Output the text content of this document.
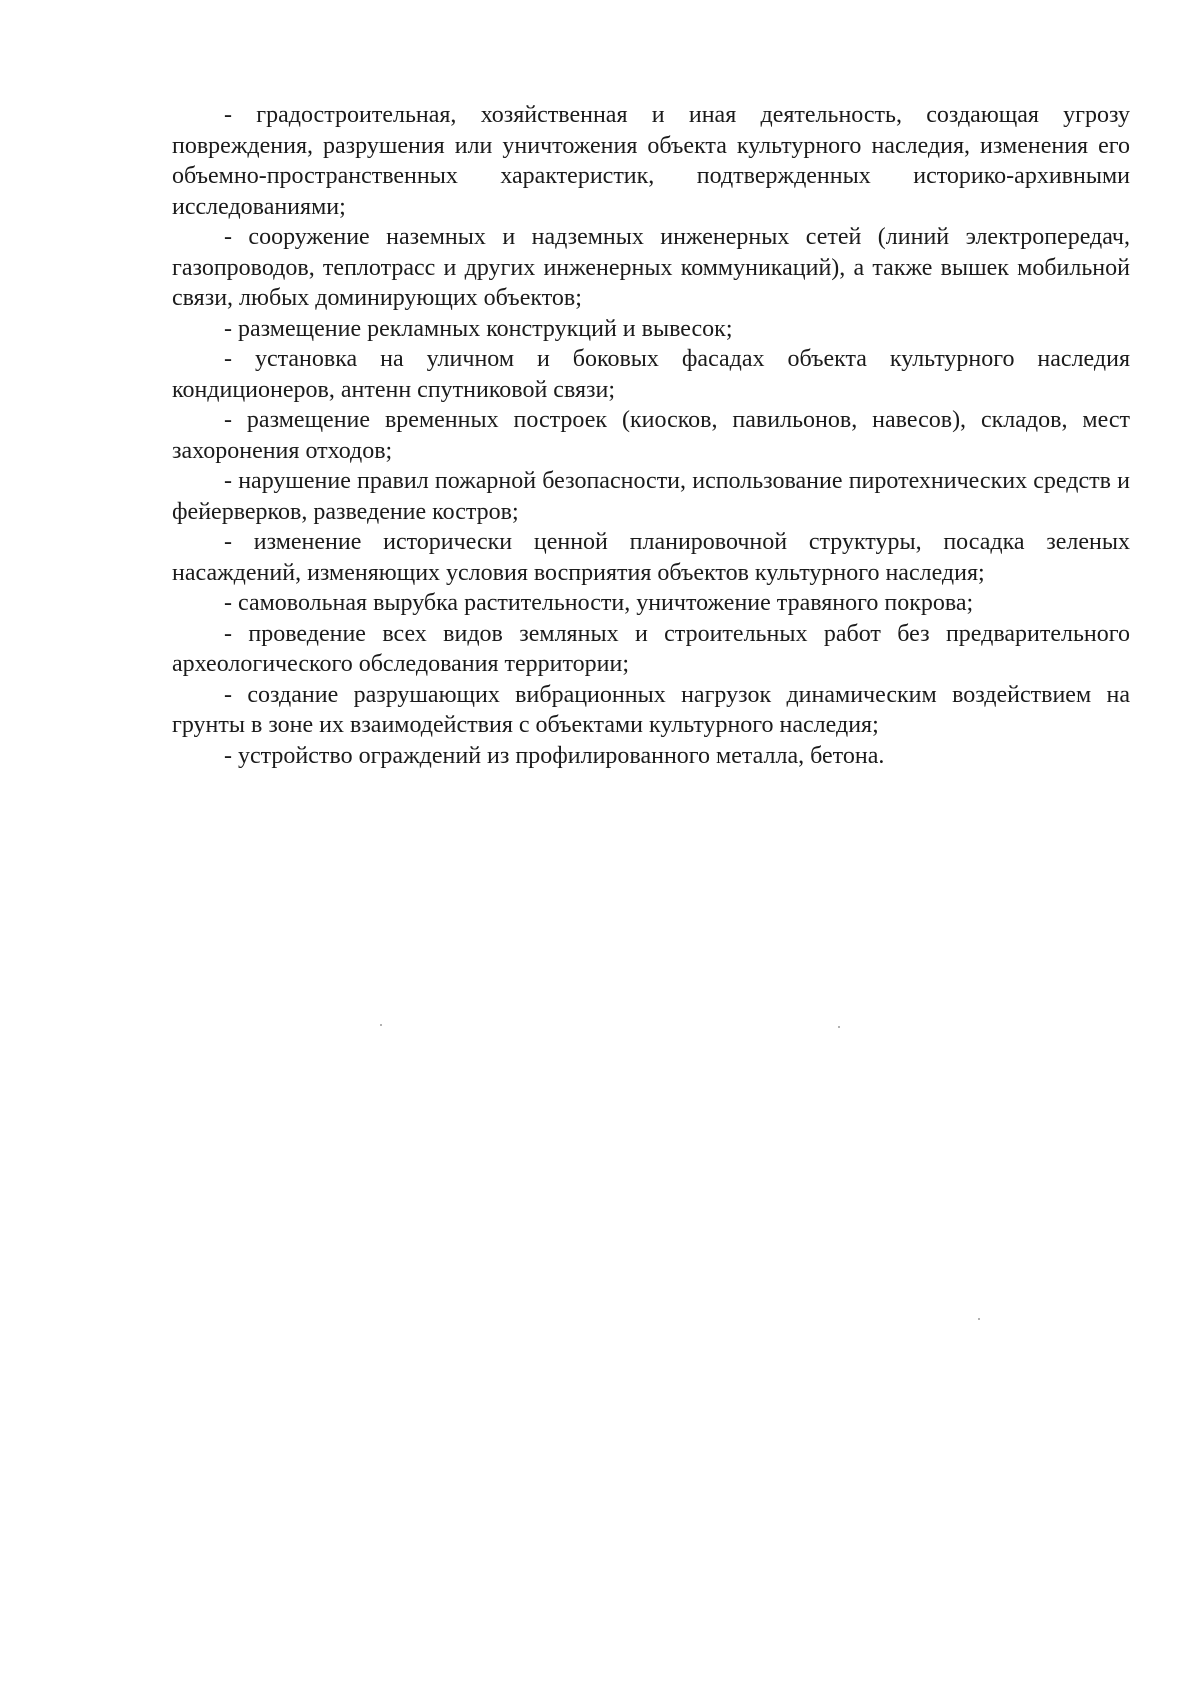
- градостроительная, хозяйственная и иная деятельность, создающая угрозу повреждения, разрушения или уничтожения объекта культурного наследия, изменения его объемно-пространственных характеристик, подтвержденных историко-архивными исследованиями;

- сооружение наземных и надземных инженерных сетей (линий электропередач, газопроводов, теплотрасс и других инженерных коммуникаций), а также вышек мобильной связи, любых доминирующих объектов;

- размещение рекламных конструкций и вывесок;

- установка на уличном и боковых фасадах объекта культурного наследия кондиционеров, антенн спутниковой связи;

- размещение временных построек (киосков, павильонов, навесов), складов, мест захоронения отходов;

- нарушение правил пожарной безопасности, использование пиротехнических средств и фейерверков, разведение костров;

- изменение исторически ценной планировочной структуры, посадка зеленых насаждений, изменяющих условия восприятия объектов культурного наследия;

- самовольная вырубка растительности, уничтожение травяного покрова;

- проведение всех видов земляных и строительных работ без предварительного археологического обследования территории;

- создание разрушающих вибрационных нагрузок динамическим воздействием на грунты в зоне их взаимодействия с объектами культурного наследия;

- устройство ограждений из профилированного металла, бетона.
